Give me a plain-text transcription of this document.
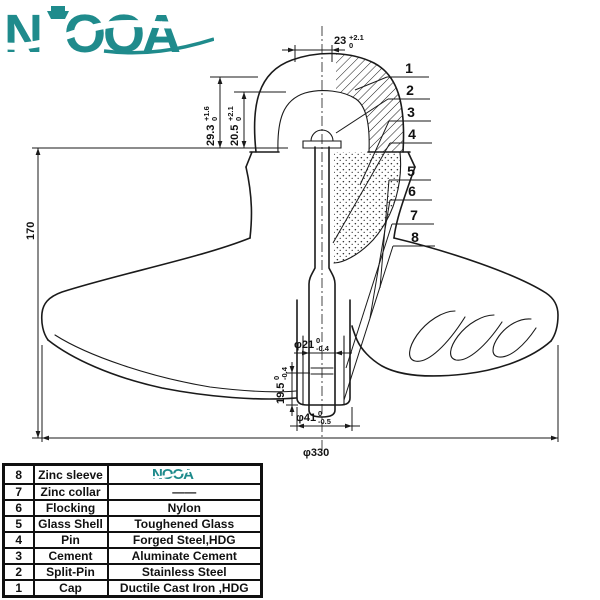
23 +2.1
0
29.3
+1.6 0
20.5
+2.1 0
170
φ21 0
-0.4
19.5
0 -0.4
φ41 0
-0.5
φ330
1
2
3
4
5
6
7
8
N OOA
8	Zinc sleeve	NOOA

7	Zinc collar	——
6	Flocking	Nylon
5	Glass Shell	Toughened Glass
4	Pin	Forged Steel,HDG
3	Cement	Aluminate Cement
2	Split-Pin	Stainless Steel
1	Cap	Ductile Cast Iron ,HDG
